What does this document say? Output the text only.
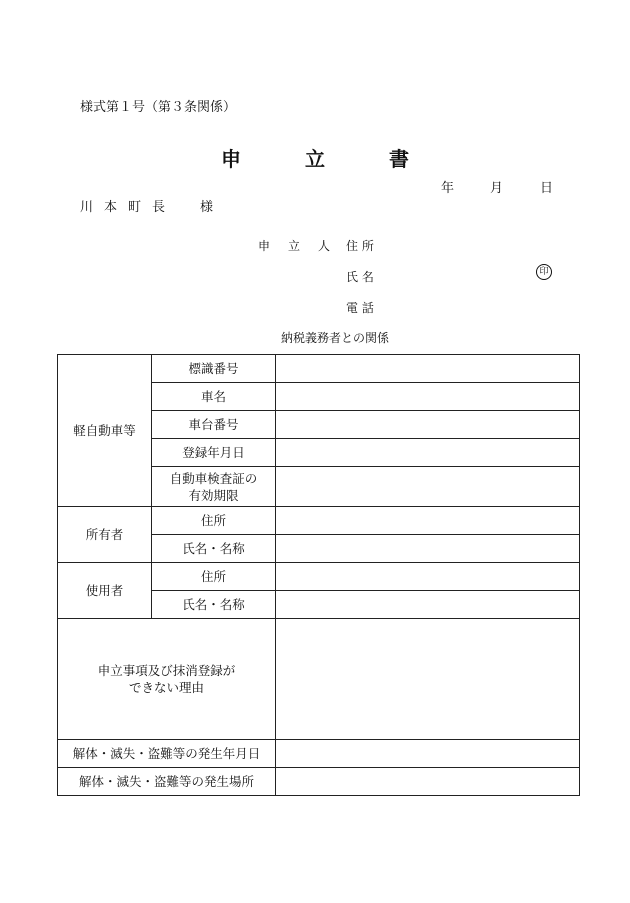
様式第１号（第３条関係）
申　立　書
年	月	日
川本町長　様
申　立　人 住 所
氏 名	印
電 話
納税義務者との関係
軽自動車等	標識番号	
	車名	
	車台番号	
	登録年月日	

	自動車検査証の
有効期限	

所有者	住所	
	氏名・名称	
使用者	住所	
	氏名・名称	

申立事項及び抹消登録が
できない理由		

解体・滅失・盗難等の発生年月日		
解体・滅失・盗難等の発生場所		
